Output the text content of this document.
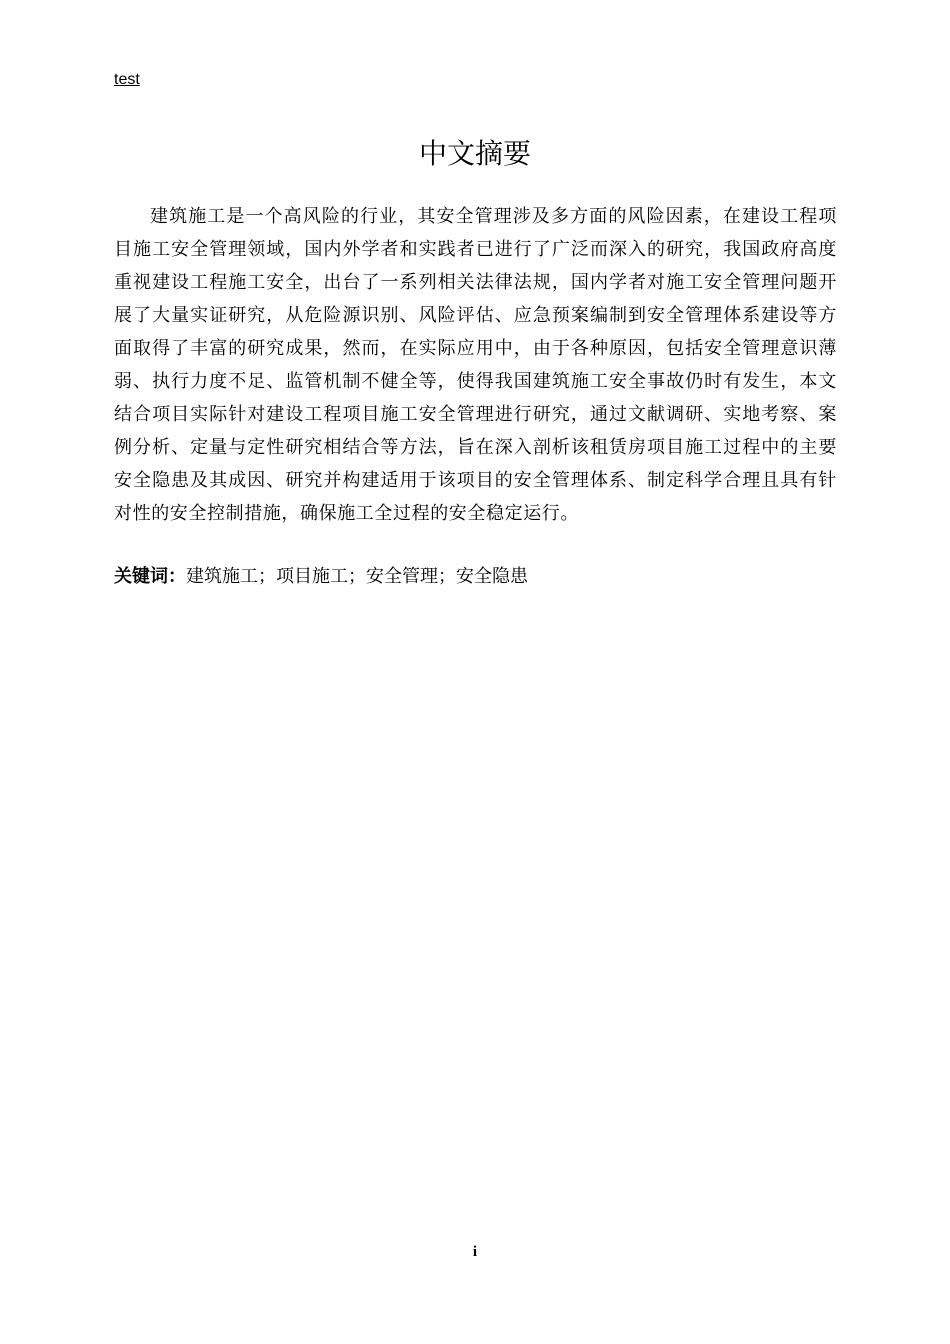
test
中文摘要

建筑施工是一个高风险的行业，其安全管理涉及多方面的风险因素，在建设工程项目施工安全管理领域，国内外学者和实践者已进行了广泛而深入的研究，我国政府高度重视建设工程施工安全，出台了一系列相关法律法规，国内学者对施工安全管理问题开展了大量实证研究，从危险源识别、风险评估、应急预案编制到安全管理体系建设等方面取得了丰富的研究成果，然而，在实际应用中，由于各种原因，包括安全管理意识薄弱、执行力度不足、监管机制不健全等，使得我国建筑施工安全事故仍时有发生，本文结合项目实际针对建设工程项目施工安全管理进行研究，通过文献调研、实地考察、案例分析、定量与定性研究相结合等方法，旨在深入剖析该租赁房项目施工过程中的主要安全隐患及其成因、研究并构建适用于该项目的安全管理体系、制定科学合理且具有针对性的安全控制措施，确保施工全过程的安全稳定运行。

关键词：建筑施工；项目施工；安全管理；安全隐患

i
